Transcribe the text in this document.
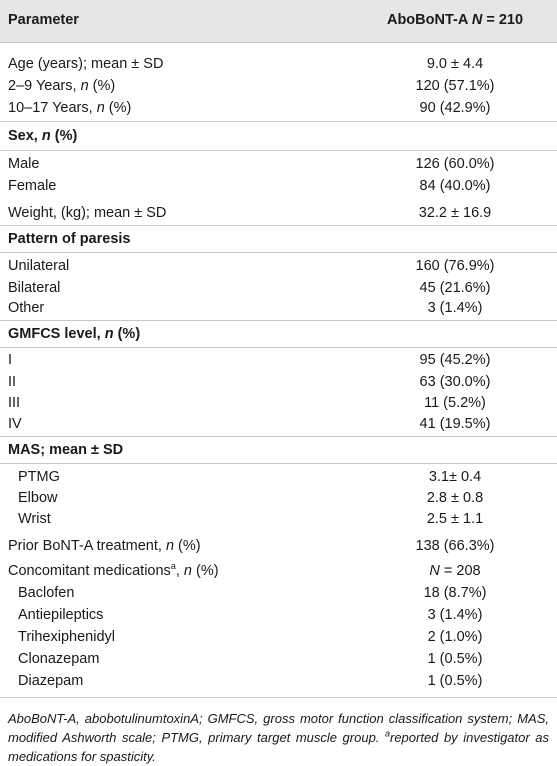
Parameter	AboBoNT-A N = 210
Age (years); mean ± SD	9.0 ± 4.4
2–9 Years, n (%)	120 (57.1%)
10–17 Years, n (%)	90 (42.9%)
Sex, n (%)
Male	126 (60.0%)
Female	84 (40.0%)
Weight, (kg); mean ± SD	32.2 ± 16.9
Pattern of paresis
Unilateral	160 (76.9%)
Bilateral	45 (21.6%)
Other	3 (1.4%)
GMFCS level, n (%)
I	95 (45.2%)
II	63 (30.0%)
III	11 (5.2%)
IV	41 (19.5%)
MAS; mean ± SD
PTMG	3.1± 0.4
Elbow	2.8 ± 0.8
Wrist	2.5 ± 1.1
Prior BoNT-A treatment, n (%)	138 (66.3%)
Concomitant medications$^a$, n (%)	N = 208
Baclofen	18 (8.7%)
Antiepileptics	3 (1.4%)
Trihexiphenidyl	2 (1.0%)
Clonazepam	1 (0.5%)
Diazepam	1 (0.5%)
AboBoNT-A, abobotulinumtoxinA; GMFCS, gross motor function classification system; MAS, modified Ashworth scale; PTMG, primary target muscle group. $^a$reported by investigator as medications for spasticity.
